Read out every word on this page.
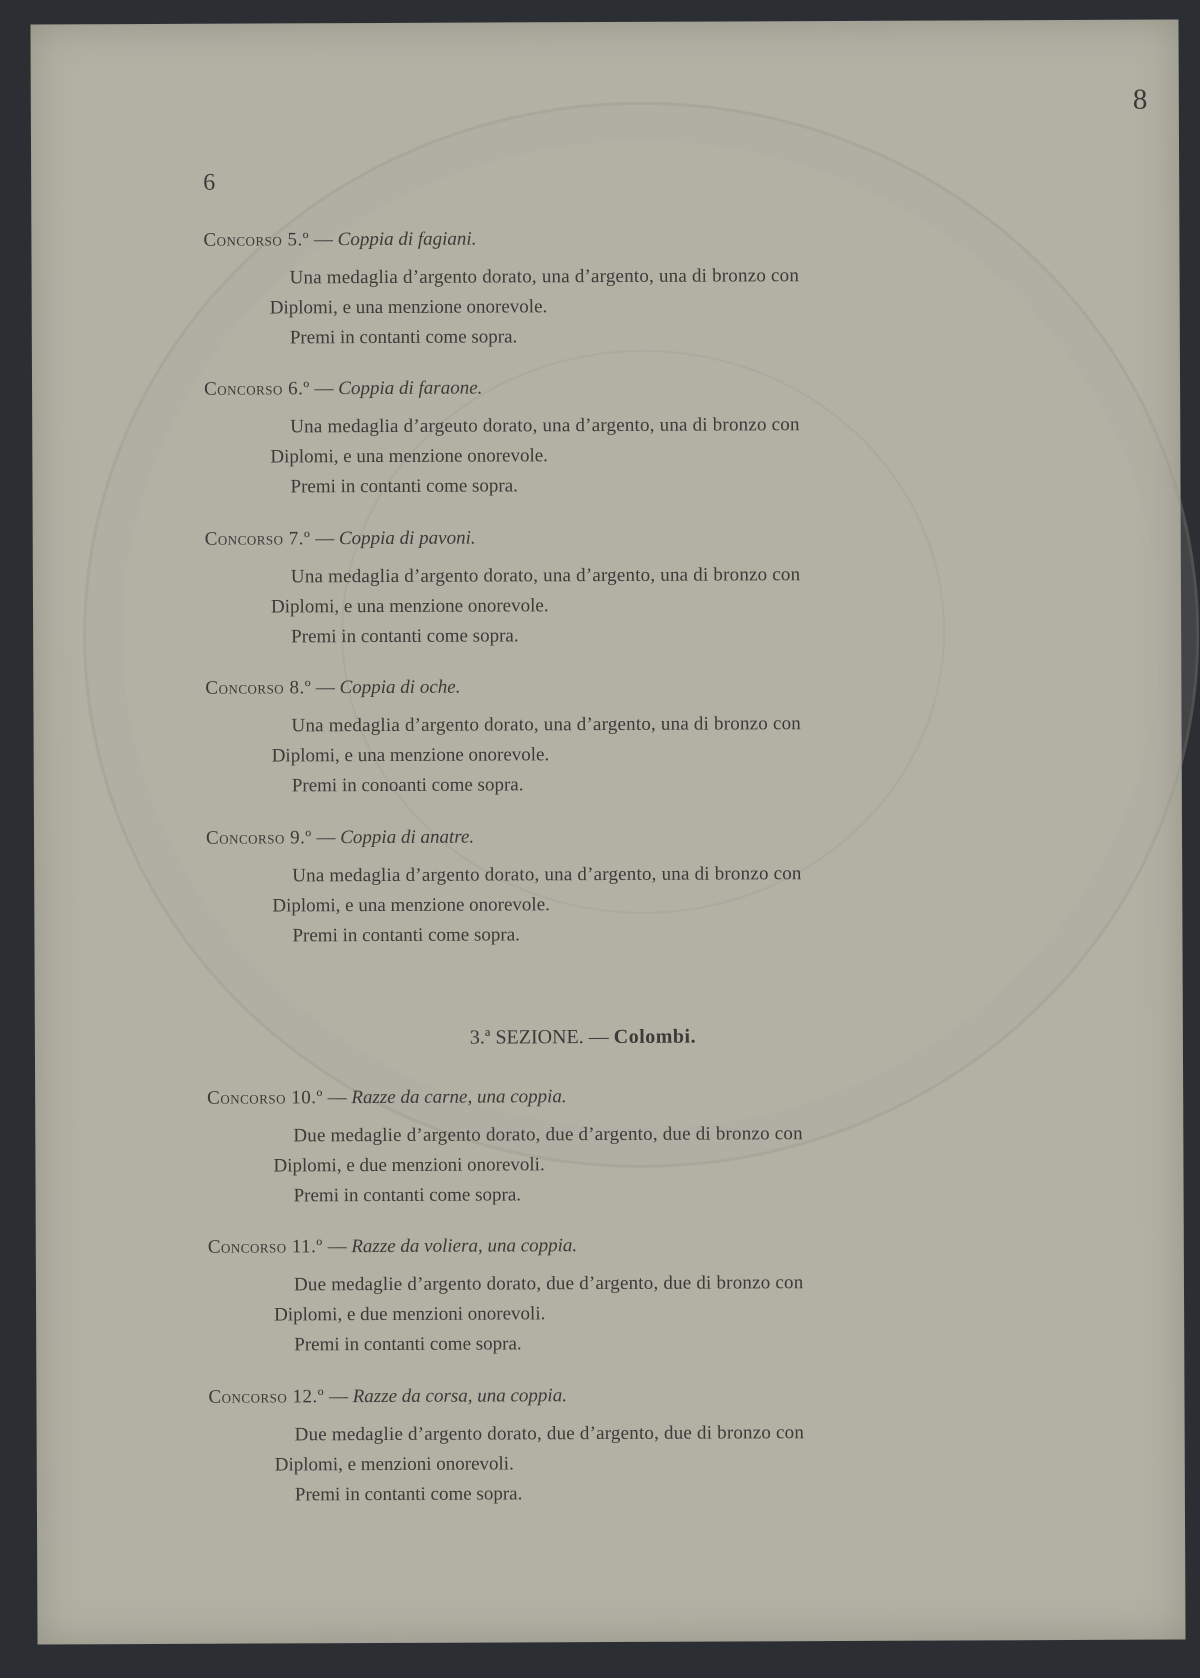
8
6
Concorso 5.º — Coppia di fagiani.
Una medaglia d’argento dorato, una d’argento, una di bronzo con
Diplomi, e una menzione onorevole.
Premi in contanti come sopra.
Concorso 6.º — Coppia di faraone.
Una medaglia d’argeuto dorato, una d’argento, una di bronzo con
Diplomi, e una menzione onorevole.
Premi in contanti come sopra.
Concorso 7.º — Coppia di pavoni.
Una medaglia d’argento dorato, una d’argento, una di bronzo con
Diplomi, e una menzione onorevole.
Premi in contanti come sopra.
Concorso 8.º — Coppia di oche.
Una medaglia d’argento dorato, una d’argento, una di bronzo con
Diplomi, e una menzione onorevole.
Premi in conoanti come sopra.
Concorso 9.º — Coppia di anatre.
Una medaglia d’argento dorato, una d’argento, una di bronzo con
Diplomi, e una menzione onorevole.
Premi in contanti come sopra.
3.ª SEZIONE. — Colombi.
Concorso 10.º — Razze da carne, una coppia.
Due medaglie d’argento dorato, due d’argento, due di bronzo con
Diplomi, e due menzioni onorevoli.
Premi in contanti come sopra.
Concorso 11.º — Razze da voliera, una coppia.
Due medaglie d’argento dorato, due d’argento, due di bronzo con
Diplomi, e due menzioni onorevoli.
Premi in contanti come sopra.
Concorso 12.º — Razze da corsa, una coppia.
Due medaglie d’argento dorato, due d’argento, due di bronzo con
Diplomi, e menzioni onorevoli.
Premi in contanti come sopra.
